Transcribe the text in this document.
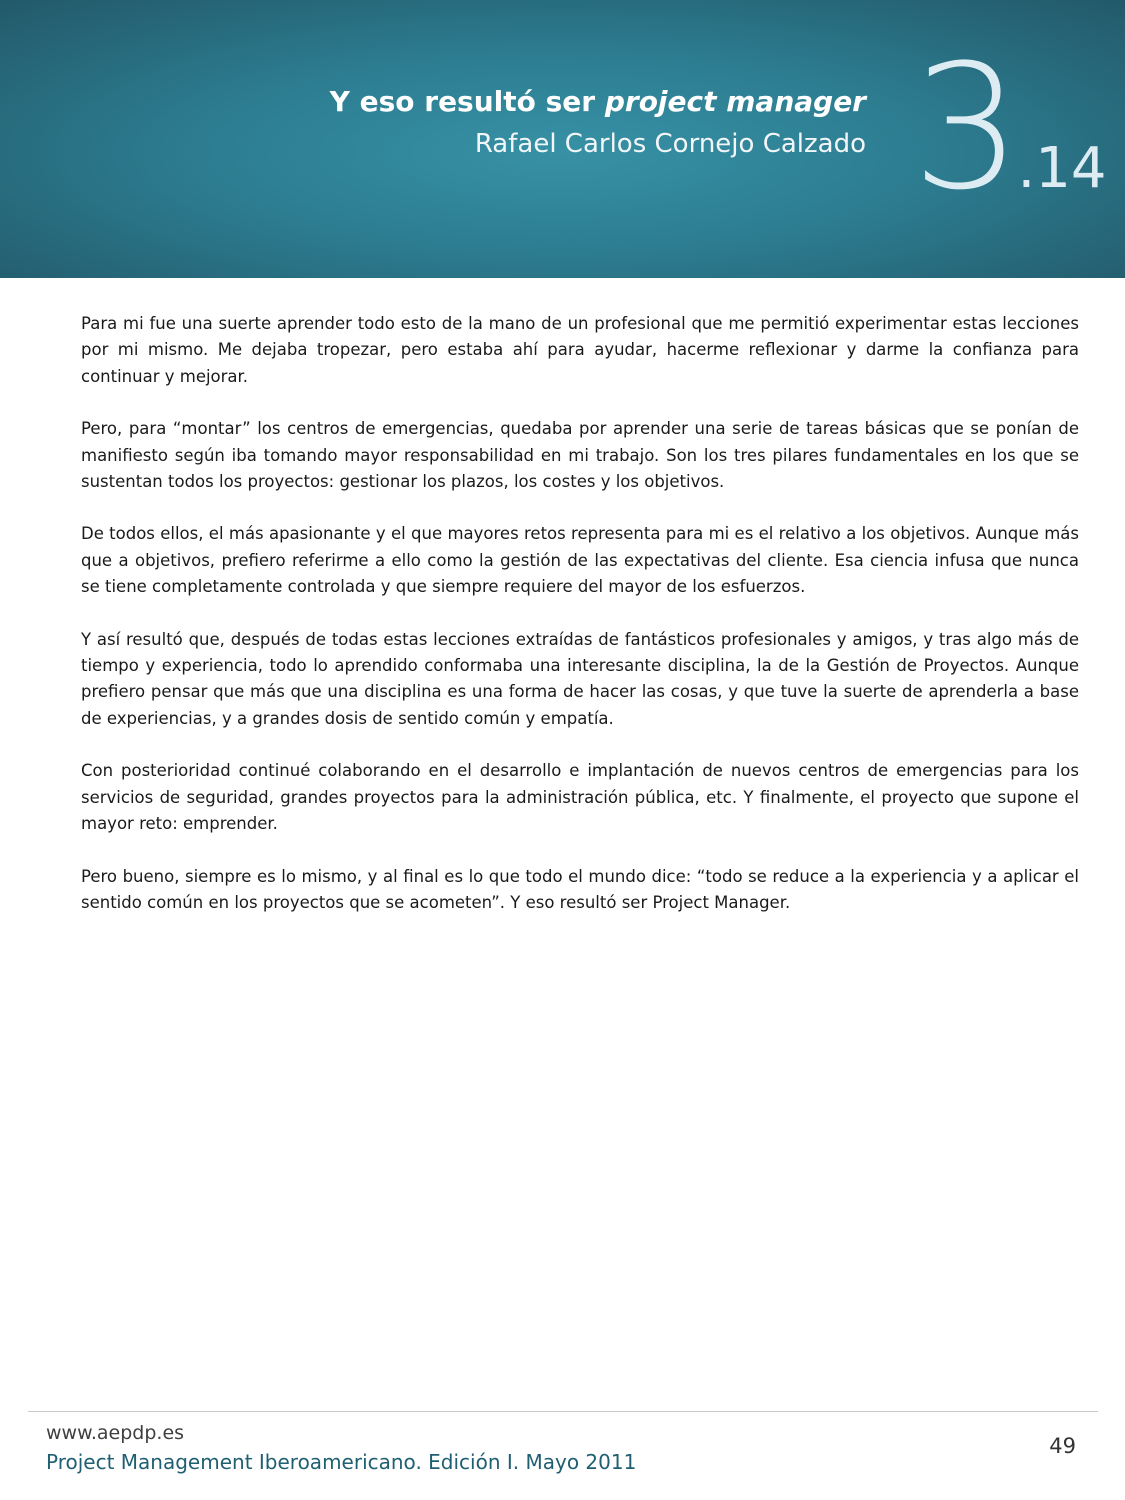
Y eso resultó ser project manager
Rafael Carlos Cornejo Calzado 3.14

Para mi fue una suerte aprender todo esto de la mano de un profesional que me permitió experimentar estas lecciones por mi mismo. Me dejaba tropezar, pero estaba ahí para ayudar, hacerme reflexionar y darme la confianza para continuar y mejorar.

Pero, para “montar” los centros de emergencias, quedaba por aprender una serie de tareas básicas que se ponían de manifiesto según iba tomando mayor responsabilidad en mi trabajo. Son los tres pilares fundamentales en los que se sustentan todos los proyectos: gestionar los plazos, los costes y los objetivos.

De todos ellos, el más apasionante y el que mayores retos representa para mi es el relativo a los objetivos. Aunque más que a objetivos, prefiero referirme a ello como la gestión de las expectativas del cliente. Esa ciencia infusa que nunca se tiene completamente controlada y que siempre requiere del mayor de los esfuerzos.

Y así resultó que, después de todas estas lecciones extraídas de fantásticos profesionales y amigos, y tras algo más de tiempo y experiencia, todo lo aprendido conformaba una interesante disciplina, la de la Gestión de Proyectos. Aunque prefiero pensar que más que una disciplina es una forma de hacer las cosas, y que tuve la suerte de aprenderla a base de experiencias, y a grandes dosis de sentido común y empatía.

Con posterioridad continué colaborando en el desarrollo e implantación de nuevos centros de emergencias para los servicios de seguridad, grandes proyectos para la administración pública, etc. Y finalmente, el proyecto que supone el mayor reto: emprender.

Pero bueno, siempre es lo mismo, y al final es lo que todo el mundo dice: “todo se reduce a la experiencia y a aplicar el sentido común en los proyectos que se acometen”. Y eso resultó ser Project Manager.

www.aepdp.es
Project Management Iberoamericano. Edición I. Mayo 2011
49
